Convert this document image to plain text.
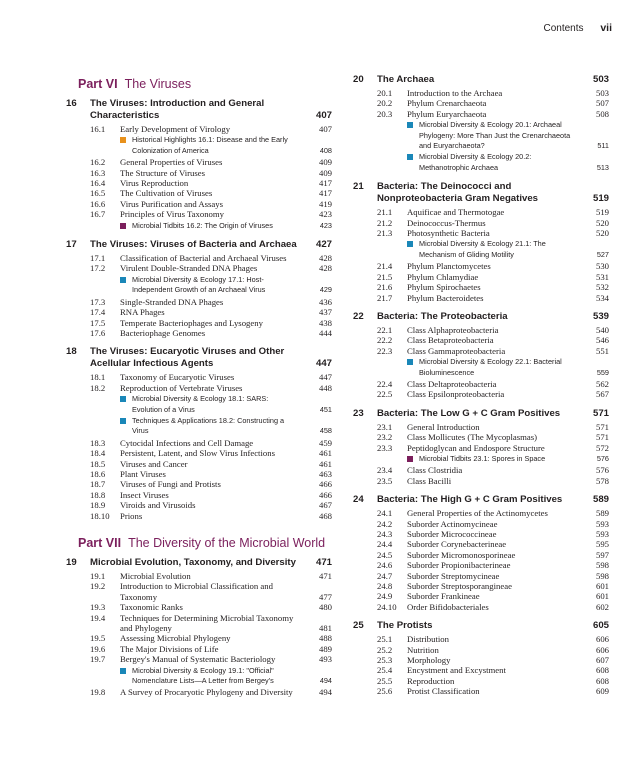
Contents vii
Part VI The Viruses
16	The Viruses: Introduction and General Characteristics	407
16.1	Early Development of Virology	407
Historical Highlights 16.1: Disease and the Early Colonization of America	408
16.2	General Properties of Viruses	409
16.3	The Structure of Viruses	409
16.4	Virus Reproduction	417
16.5	The Cultivation of Viruses	417
16.6	Virus Purification and Assays	419
16.7	Principles of Virus Taxonomy	423
Microbial Tidbits 16.2: The Origin of Viruses	423
17	The Viruses: Viruses of Bacteria and Archaea	427
17.1	Classification of Bacterial and Archaeal Viruses	428
17.2	Virulent Double-Stranded DNA Phages	428
Microbial Diversity & Ecology 17.1: Host-Independent Growth of an Archaeal Virus	429
17.3	Single-Stranded DNA Phages	436
17.4	RNA Phages	437
17.5	Temperate Bacteriophages and Lysogeny	438
17.6	Bacteriophage Genomes	444
18	The Viruses: Eucaryotic Viruses and Other Acellular Infectious Agents	447
18.1	Taxonomy of Eucaryotic Viruses	447
18.2	Reproduction of Vertebrate Viruses	448
Microbial Diversity & Ecology 18.1: SARS: Evolution of a Virus	451
Techniques & Applications 18.2: Constructing a Virus	458
18.3	Cytocidal Infections and Cell Damage	459
18.4	Persistent, Latent, and Slow Virus Infections	461
18.5	Viruses and Cancer	461
18.6	Plant Viruses	463
18.7	Viruses of Fungi and Protists	466
18.8	Insect Viruses	466
18.9	Viroids and Virusoids	467
18.10	Prions	468
Part VII The Diversity of the Microbial World
19	Microbial Evolution, Taxonomy, and Diversity	471
19.1	Microbial Evolution	471
19.2	Introduction to Microbial Classification and Taxonomy	477
19.3	Taxonomic Ranks	480
19.4	Techniques for Determining Microbial Taxonomy and Phylogeny	481
19.5	Assessing Microbial Phylogeny	488
19.6	The Major Divisions of Life	489
19.7	Bergey's Manual of Systematic Bacteriology	493
Microbial Diversity & Ecology 19.1: "Official" Nomenclature Lists—A Letter from Bergey's	494
19.8	A Survey of Procaryotic Phylogeny and Diversity	494
20	The Archaea	503
20.1	Introduction to the Archaea	503
20.2	Phylum Crenarchaeota	507
20.3	Phylum Euryarchaeota	508
Microbial Diversity & Ecology 20.1: Archaeal Phylogeny: More Than Just the Crenarchaeota and Euryarchaeota?	511
Microbial Diversity & Ecology 20.2: Methanotrophic Archaea	513
21	Bacteria: The Deinococci and Nonproteobacteria Gram Negatives	519
21.1	Aquificae and Thermotogae	519
21.2	Deinococcus-Thermus	520
21.3	Photosynthetic Bacteria	520
Microbial Diversity & Ecology 21.1: The Mechanism of Gliding Motility	527
21.4	Phylum Planctomycetes	530
21.5	Phylum Chlamydiae	531
21.6	Phylum Spirochaetes	532
21.7	Phylum Bacteroidetes	534
22	Bacteria: The Proteobacteria	539
22.1	Class Alphaproteobacteria	540
22.2	Class Betaproteobacteria	546
22.3	Class Gammaproteobacteria	551
Microbial Diversity & Ecology 22.1: Bacterial Bioluminescence	559
22.4	Class Deltaproteobacteria	562
22.5	Class Epsilonproteobacteria	567
23	Bacteria: The Low G + C Gram Positives	571
23.1	General Introduction	571
23.2	Class Mollicutes (The Mycoplasmas)	571
23.3	Peptidoglycan and Endospore Structure	572
Microbial Tidbits 23.1: Spores in Space	576
23.4	Class Clostridia	576
23.5	Class Bacilli	578
24	Bacteria: The High G + C Gram Positives	589
24.1	General Properties of the Actinomycetes	589
24.2	Suborder Actinomycineae	593
24.3	Suborder Micrococcineae	593
24.4	Suborder Corynebacterineae	595
24.5	Suborder Micromonosporineae	597
24.6	Suborder Propionibacterineae	598
24.7	Suborder Streptomycineae	598
24.8	Suborder Streptosporangineae	601
24.9	Suborder Frankineae	601
24.10	Order Bifidobacteriales	602
25	The Protists	605
25.1	Distribution	606
25.2	Nutrition	606
25.3	Morphology	607
25.4	Encystment and Excystment	608
25.5	Reproduction	608
25.6	Protist Classification	609
